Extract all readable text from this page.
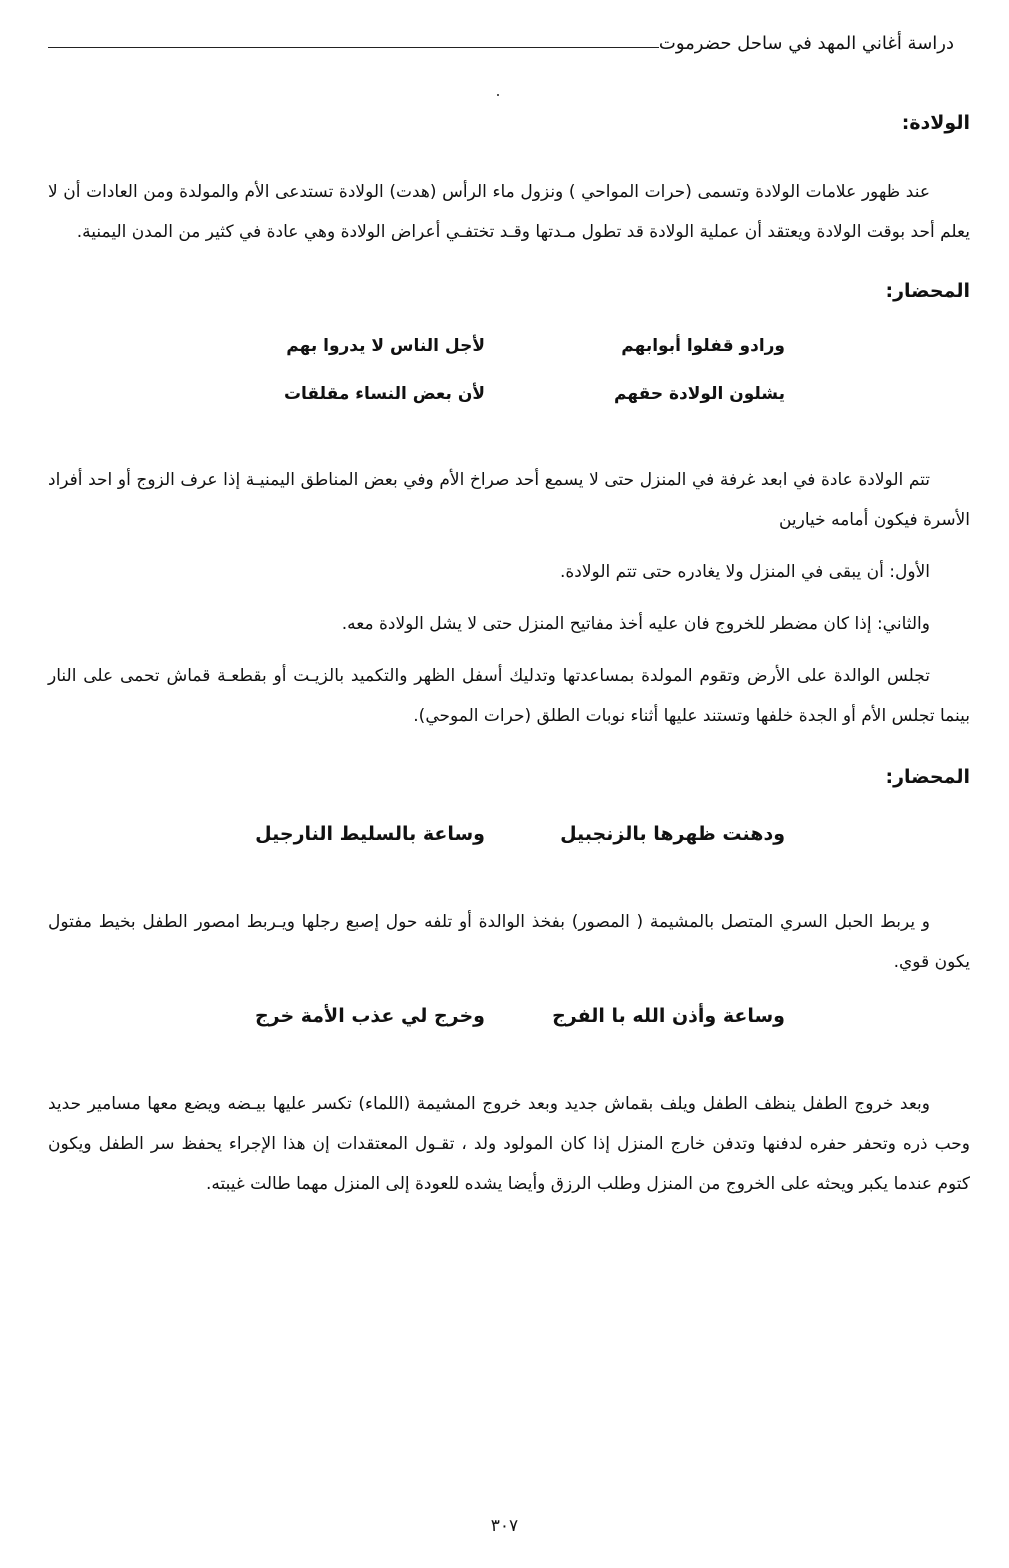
دراسة أغاني المهد في ساحل حضرموت

الولادة:

عند ظهور علامات الولادة وتسمى (حرات المواحي ) ونزول ماء الرأس (هدت) الولادة تستدعى الأم والمولدة ومن العادات أن لا يعلم أحد بوقت الولادة ويعتقد أن عملية الولادة قد تطول مـدتها وقـد تختفـي أعراض الولادة وهي عادة في كثير من المدن اليمنية.

المحضار:

ورادو قفلوا أبوابهم
لأجل الناس لا يدروا بهم
يشلون الولادة حقهم
لأن بعض النساء مقلقات

تتم الولادة عادة في ابعد غرفة في المنزل حتى لا يسمع أحد صراخ الأم وفي بعض المناطق اليمنيـة إذا عرف الزوج أو احد أفراد الأسرة فيكون أمامه خيارين

الأول: أن يبقى في المنزل ولا يغادره حتى تتم الولادة.

والثاني: إذا كان مضطر للخروج فان عليه أخذ مفاتيح المنزل حتى لا يشل الولادة معه.

تجلس الوالدة على الأرض وتقوم المولدة بمساعدتها وتدليك أسفل الظهر والتكميد بالزيـت أو بقطعـة قماش تحمى على النار بينما تجلس الأم أو الجدة خلفها وتستند عليها أثناء نوبات الطلق (حرات الموحي).

المحضار:

ودهنت ظهرها بالزنجبيل
وساعة بالسليط النارجيل

و يربط الحبل السري المتصل بالمشيمة ( المصور) بفخذ الوالدة أو تلفه حول إصبع رجلها ويـربط امصور الطفل بخيط مفتول يكون قوي.

وساعة وأذن الله با الفرج
وخرج لي عذب الأمة خرج

وبعد خروج الطفل ينظف الطفل ويلف بقماش جديد وبعد خروج المشيمة (اللماء) تكسر عليها بيـضه ويضع معها مسامير حديد وحب ذره وتحفر حفره لدفنها وتدفن خارج المنزل إذا كان المولود ولد ، تقـول المعتقدات إن هذا الإجراء يحفظ سر الطفل ويكون كتوم عندما يكبر ويحثه على الخروج من المنزل وطلب الرزق وأيضا يشده للعودة إلى المنزل مهما طالت غيبته.

٣٠٧
